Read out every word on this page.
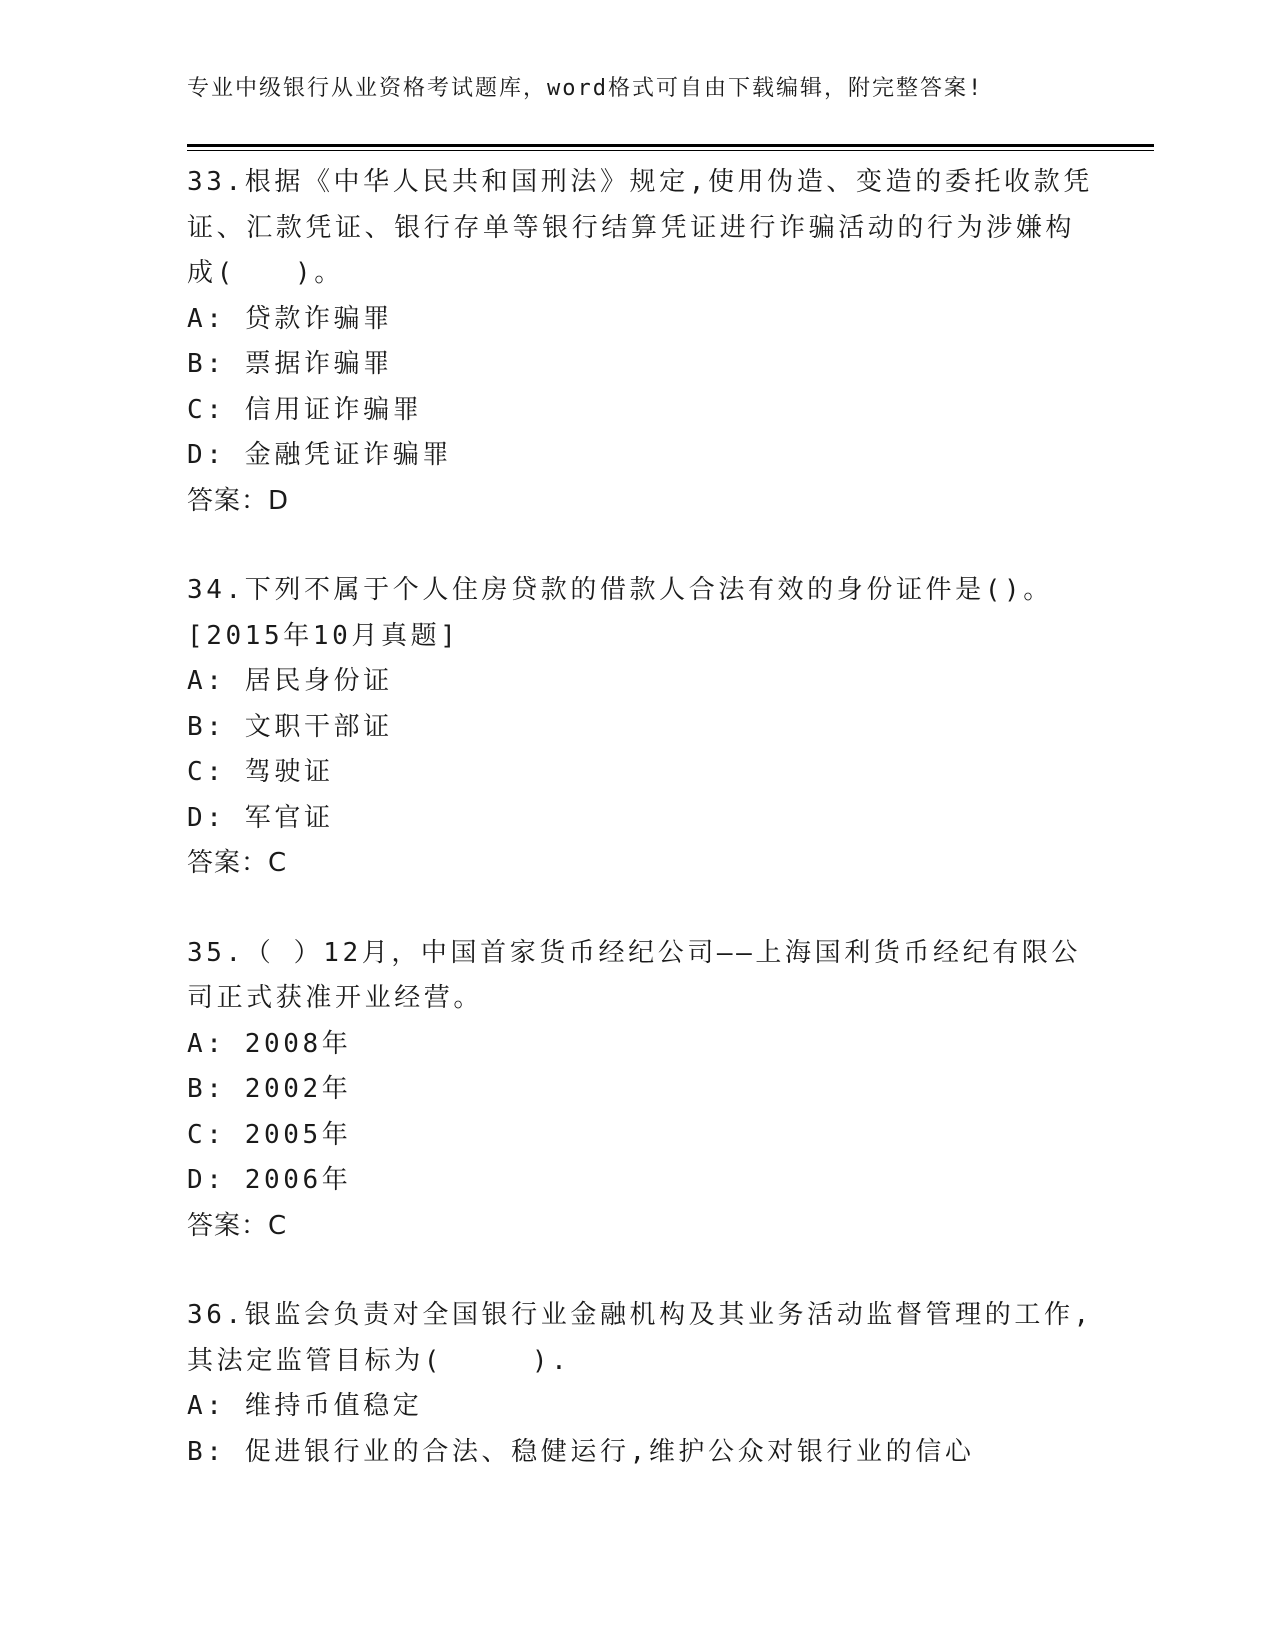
专业中级银行从业资格考试题库，word格式可自由下载编辑，附完整答案!
33.根据《中华人民共和国刑法》规定,使用伪造、变造的委托收款凭
证、汇款凭证、银行存单等银行结算凭证进行诈骗活动的行为涉嫌构
成(　　)。
A: 贷款诈骗罪
B: 票据诈骗罪
C: 信用证诈骗罪
D: 金融凭证诈骗罪
答案：D
34.下列不属于个人住房贷款的借款人合法有效的身份证件是()。
[2015年10月真题]
A: 居民身份证
B: 文职干部证
C: 驾驶证
D: 军官证
答案：C
35.（ ）12月，中国首家货币经纪公司——上海国利货币经纪有限公
司正式获准开业经营。
A: 2008年
B: 2002年
C: 2005年
D: 2006年
答案：C
36.银监会负责对全国银行业金融机构及其业务活动监督管理的工作,
其法定监管目标为(　　　).
A: 维持币值稳定
B: 促进银行业的合法、稳健运行,维护公众对银行业的信心
